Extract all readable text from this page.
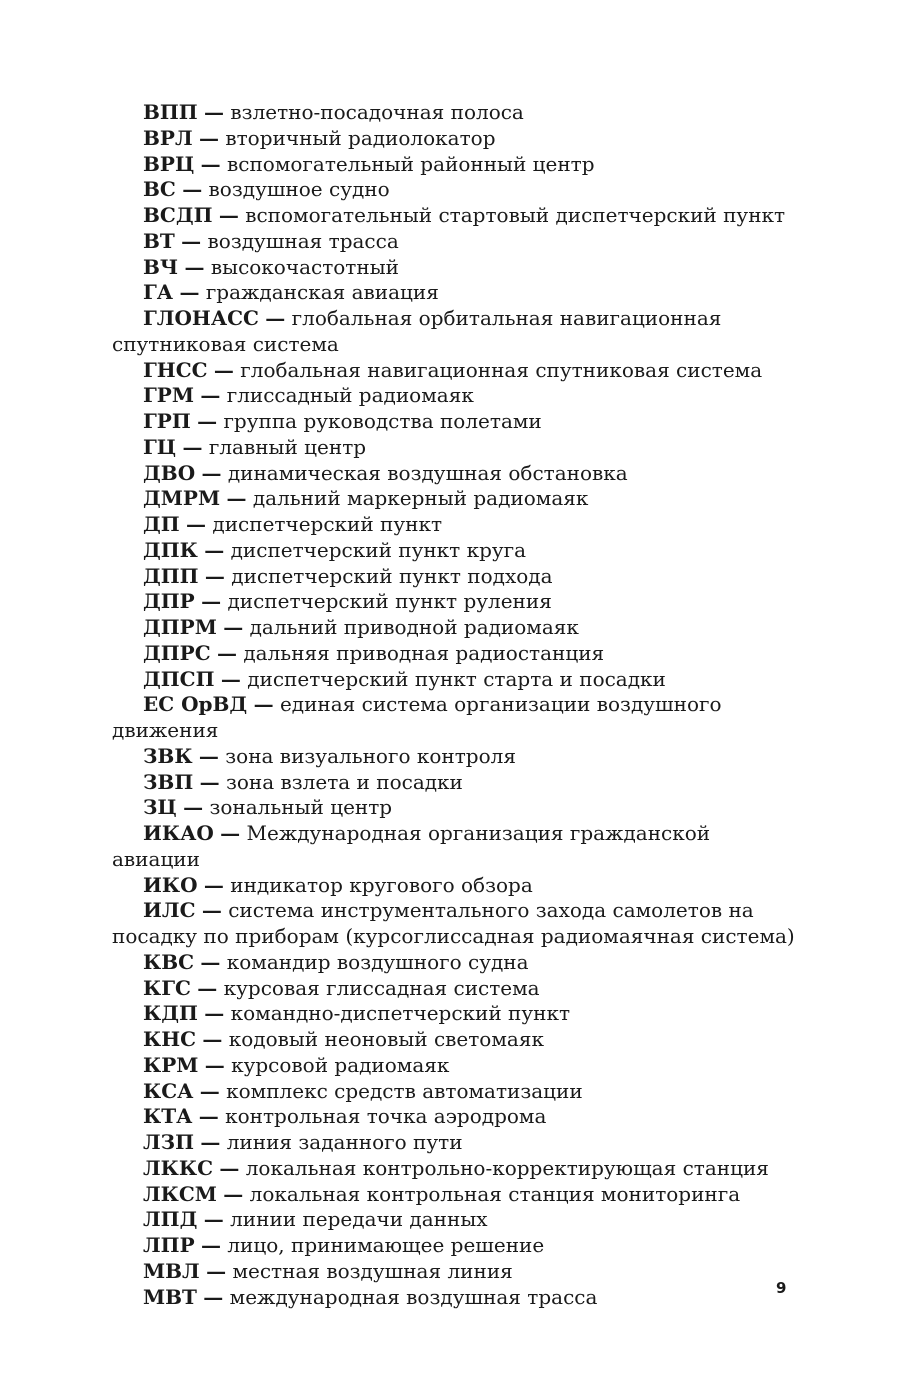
ВПП — взлетно-посадочная полоса

ВРЛ — вторичный радиолокатор

ВРЦ — вспомогательный районный центр

ВС — воздушное судно

ВСДП — вспомогательный стартовый диспетчерский пункт

ВТ — воздушная трасса

ВЧ — высокочастотный

ГА — гражданская авиация

ГЛОНАСС — глобальная орбитальная навигационная спутниковая система

ГНСС — глобальная навигационная спутниковая система

ГРМ — глиссадный радиомаяк

ГРП — группа руководства полетами

ГЦ — главный центр

ДВО — динамическая воздушная обстановка

ДМРМ — дальний маркерный радиомаяк

ДП — диспетчерский пункт

ДПК — диспетчерский пункт круга

ДПП — диспетчерский пункт подхода

ДПР — диспетчерский пункт руления

ДПРМ — дальний приводной радиомаяк

ДПРС — дальняя приводная радиостанция

ДПСП — диспетчерский пункт старта и посадки

ЕС ОрВД — единая система организации воздушного движения

ЗВК — зона визуального контроля

ЗВП — зона взлета и посадки

ЗЦ — зональный центр

ИКАО — Международная организация гражданской авиации

ИКО — индикатор кругового обзора

ИЛС — система инструментального захода самолетов на посадку по приборам (курсоглиссадная радиомаячная система)

КВС — командир воздушного судна

КГС — курсовая глиссадная система

КДП — командно-диспетчерский пункт

КНС — кодовый неоновый светомаяк

КРМ — курсовой радиомаяк

КСА — комплекс средств автоматизации

КТА — контрольная точка аэродрома

ЛЗП — линия заданного пути

ЛККС — локальная контрольно-корректирующая станция

ЛКСМ — локальная контрольная станция мониторинга

ЛПД — линии передачи данных

ЛПР — лицо, принимающее решение

МВЛ — местная воздушная линия

МВТ — международная воздушная трасса	9
